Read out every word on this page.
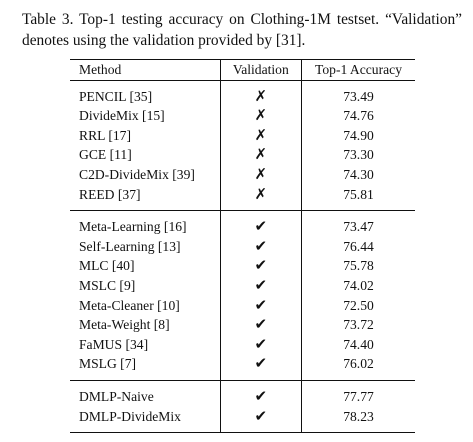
Table 3. Top-1 testing accuracy on Clothing-1M testset. “Validation” denotes using the validation provided by [31].
Method	Validation	Top-1 Accuracy

PENCIL [35]	✗	73.49
DivideMix [15]	✗	74.76
RRL [17]	✗	74.90
GCE [11]	✗	73.30
C2D-DivideMix [39]	✗	74.30
REED [37]	✗	75.81

Meta-Learning [16]	✔	73.47
Self-Learning [13]	✔	76.44
MLC [40]	✔	75.78
MSLC [9]	✔	74.02
Meta-Cleaner [10]	✔	72.50
Meta-Weight [8]	✔	73.72
FaMUS [34]	✔	74.40
MSLG [7]	✔	76.02

DMLP-Naive	✔	77.77
DMLP-DivideMix	✔	78.23
